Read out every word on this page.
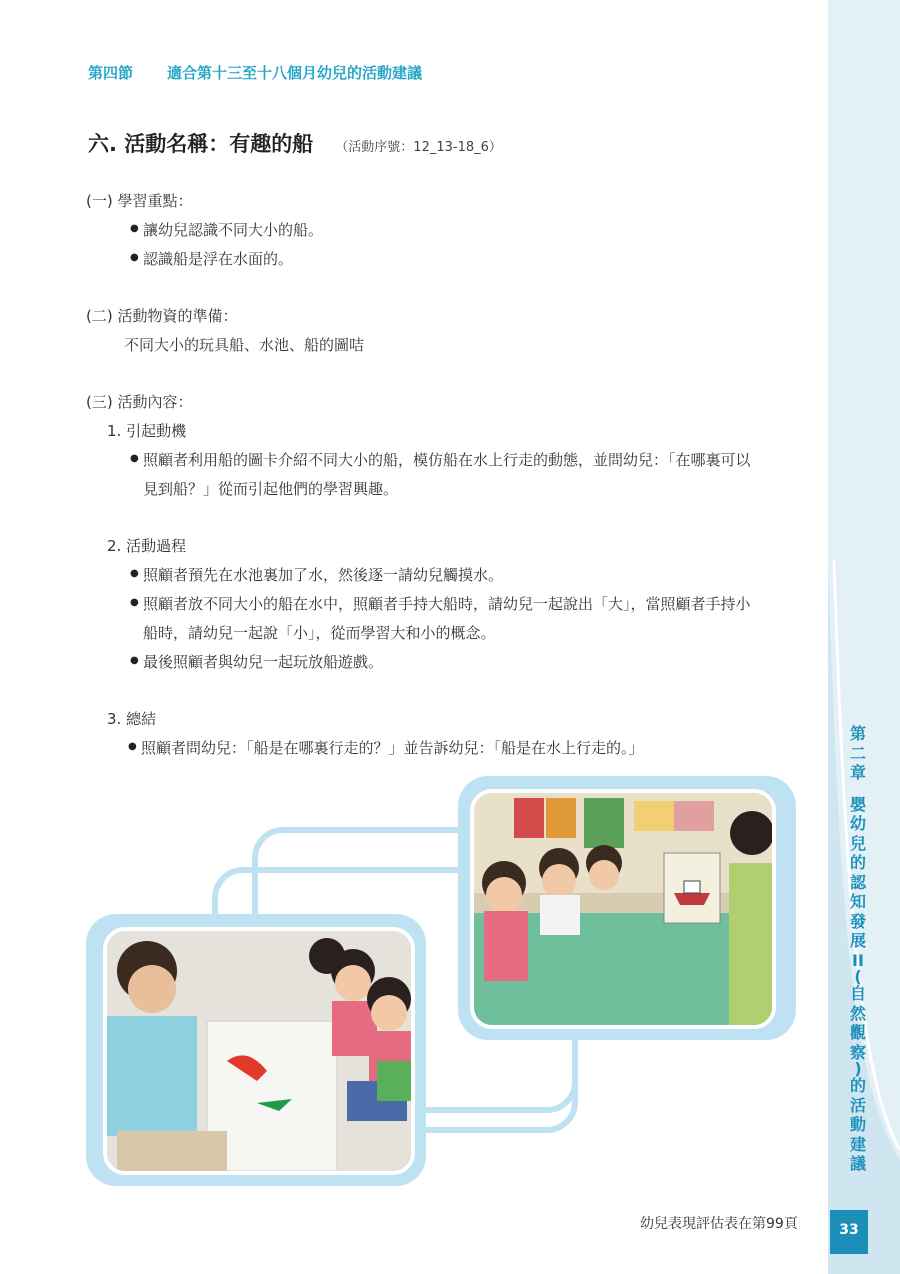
第
二
章

嬰
幼
兒
的
認
知
發
展
II
(
自
然
觀
察
)
的
活
動
建
議
33
第四節 適合第十三至十八個月幼兒的活動建議
六. 活動名稱：有趣的船 （活動序號：12_13-18_6）
(一) 學習重點：
● 讓幼兒認識不同大小的船。
● 認識船是浮在水面的。
(二) 活動物資的準備：
不同大小的玩具船、水池、船的圖咭
(三) 活動內容：
1. 引起動機
● 照顧者利用船的圖卡介紹不同大小的船，模仿船在水上行走的動態，並問幼兒：「在哪裏可以
見到船？」從而引起他們的學習興趣。
2. 活動過程
● 照顧者預先在水池裏加了水，然後逐一請幼兒觸摸水。
● 照顧者放不同大小的船在水中，照顧者手持大船時，請幼兒一起說出「大」，當照顧者手持小
船時，請幼兒一起說「小」，從而學習大和小的概念。
● 最後照顧者與幼兒一起玩放船遊戲。
3. 總結
● 照顧者問幼兒：「船是在哪裏行走的？」並告訴幼兒：「船是在水上行走的。」
幼兒表現評估表在第99頁
